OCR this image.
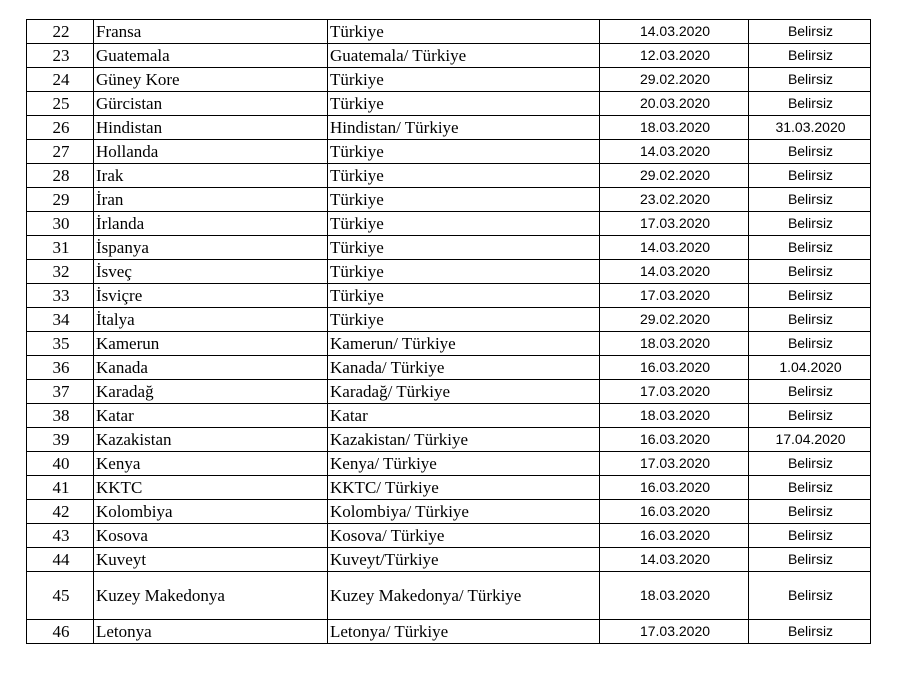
22	Fransa	Türkiye	14.03.2020	Belirsiz
23	Guatemala	Guatemala/ Türkiye	12.03.2020	Belirsiz
24	Güney Kore	Türkiye	29.02.2020	Belirsiz
25	Gürcistan	Türkiye	20.03.2020	Belirsiz
26	Hindistan	Hindistan/ Türkiye	18.03.2020	31.03.2020
27	Hollanda	Türkiye	14.03.2020	Belirsiz
28	Irak	Türkiye	29.02.2020	Belirsiz
29	İran	Türkiye	23.02.2020	Belirsiz
30	İrlanda	Türkiye	17.03.2020	Belirsiz
31	İspanya	Türkiye	14.03.2020	Belirsiz
32	İsveç	Türkiye	14.03.2020	Belirsiz
33	İsviçre	Türkiye	17.03.2020	Belirsiz
34	İtalya	Türkiye	29.02.2020	Belirsiz
35	Kamerun	Kamerun/ Türkiye	18.03.2020	Belirsiz
36	Kanada	Kanada/ Türkiye	16.03.2020	1.04.2020
37	Karadağ	Karadağ/ Türkiye	17.03.2020	Belirsiz
38	Katar	Katar	18.03.2020	Belirsiz
39	Kazakistan	Kazakistan/ Türkiye	16.03.2020	17.04.2020
40	Kenya	Kenya/ Türkiye	17.03.2020	Belirsiz
41	KKTC	KKTC/ Türkiye	16.03.2020	Belirsiz
42	Kolombiya	Kolombiya/ Türkiye	16.03.2020	Belirsiz
43	Kosova	Kosova/ Türkiye	16.03.2020	Belirsiz
44	Kuveyt	Kuveyt/Türkiye	14.03.2020	Belirsiz
45	Kuzey Makedonya	Kuzey Makedonya/ Türkiye	18.03.2020	Belirsiz
46	Letonya	Letonya/ Türkiye	17.03.2020	Belirsiz
